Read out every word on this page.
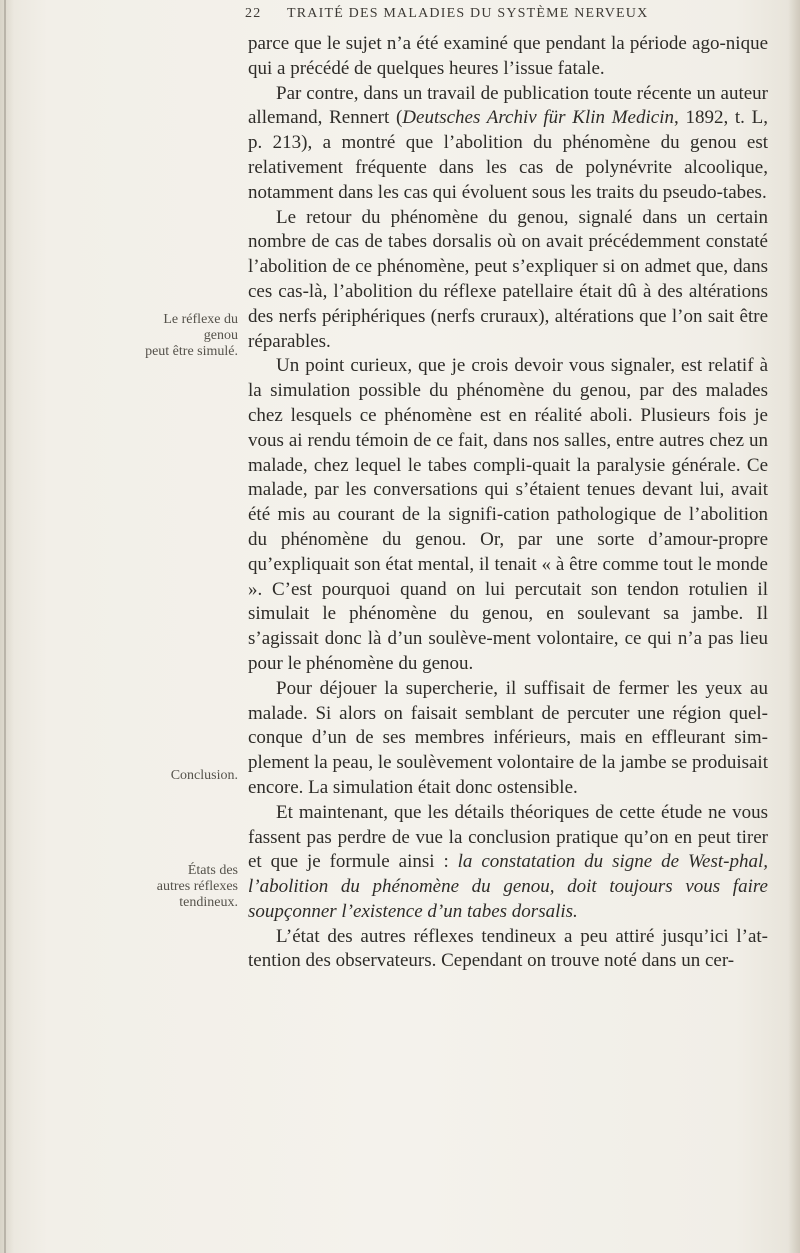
22 TRAITÉ DES MALADIES DU SYSTÈME NERVEUX
Le réflexe du
genou
peut être simulé.
Conclusion.
États des
autres réflexes
tendineux.

parce que le sujet n’a été examiné que pendant la période ago-nique qui a précédé de quelques heures l’issue fatale.

Par contre, dans un travail de publication toute récente un auteur allemand, Rennert (Deutsches Archiv für Klin Medicin, 1892, t. L, p. 213), a montré que l’abolition du phénomène du genou est relativement fréquente dans les cas de polynévrite alcoolique, notamment dans les cas qui évoluent sous les traits du pseudo-tabes.

Le retour du phénomène du genou, signalé dans un certain nombre de cas de tabes dorsalis où on avait précédemment constaté l’abolition de ce phénomène, peut s’expliquer si on admet que, dans ces cas-là, l’abolition du réflexe patellaire était dû à des altérations des nerfs périphériques (nerfs cruraux), altérations que l’on sait être réparables.

Un point curieux, que je crois devoir vous signaler, est relatif à la simulation possible du phénomène du genou, par des malades chez lesquels ce phénomène est en réalité aboli. Plusieurs fois je vous ai rendu témoin de ce fait, dans nos salles, entre autres chez un malade, chez lequel le tabes compli-quait la paralysie générale. Ce malade, par les conversations qui s’étaient tenues devant lui, avait été mis au courant de la signifi-cation pathologique de l’abolition du phénomène du genou. Or, par une sorte d’amour-propre qu’expliquait son état mental, il tenait « à être comme tout le monde ». C’est pourquoi quand on lui percutait son tendon rotulien il simulait le phénomène du genou, en soulevant sa jambe. Il s’agissait donc là d’un soulève-ment volontaire, ce qui n’a pas lieu pour le phénomène du genou.

Pour déjouer la supercherie, il suffisait de fermer les yeux au malade. Si alors on faisait semblant de percuter une région quel-conque d’un de ses membres inférieurs, mais en effleurant sim-plement la peau, le soulèvement volontaire de la jambe se produisait encore. La simulation était donc ostensible.

Et maintenant, que les détails théoriques de cette étude ne vous fassent pas perdre de vue la conclusion pratique qu’on en peut tirer et que je formule ainsi : la constatation du signe de West-phal, l’abolition du phénomène du genou, doit toujours vous faire soupçonner l’existence d’un tabes dorsalis.

L’état des autres réflexes tendineux a peu attiré jusqu’ici l’at-tention des observateurs. Cependant on trouve noté dans un cer-
